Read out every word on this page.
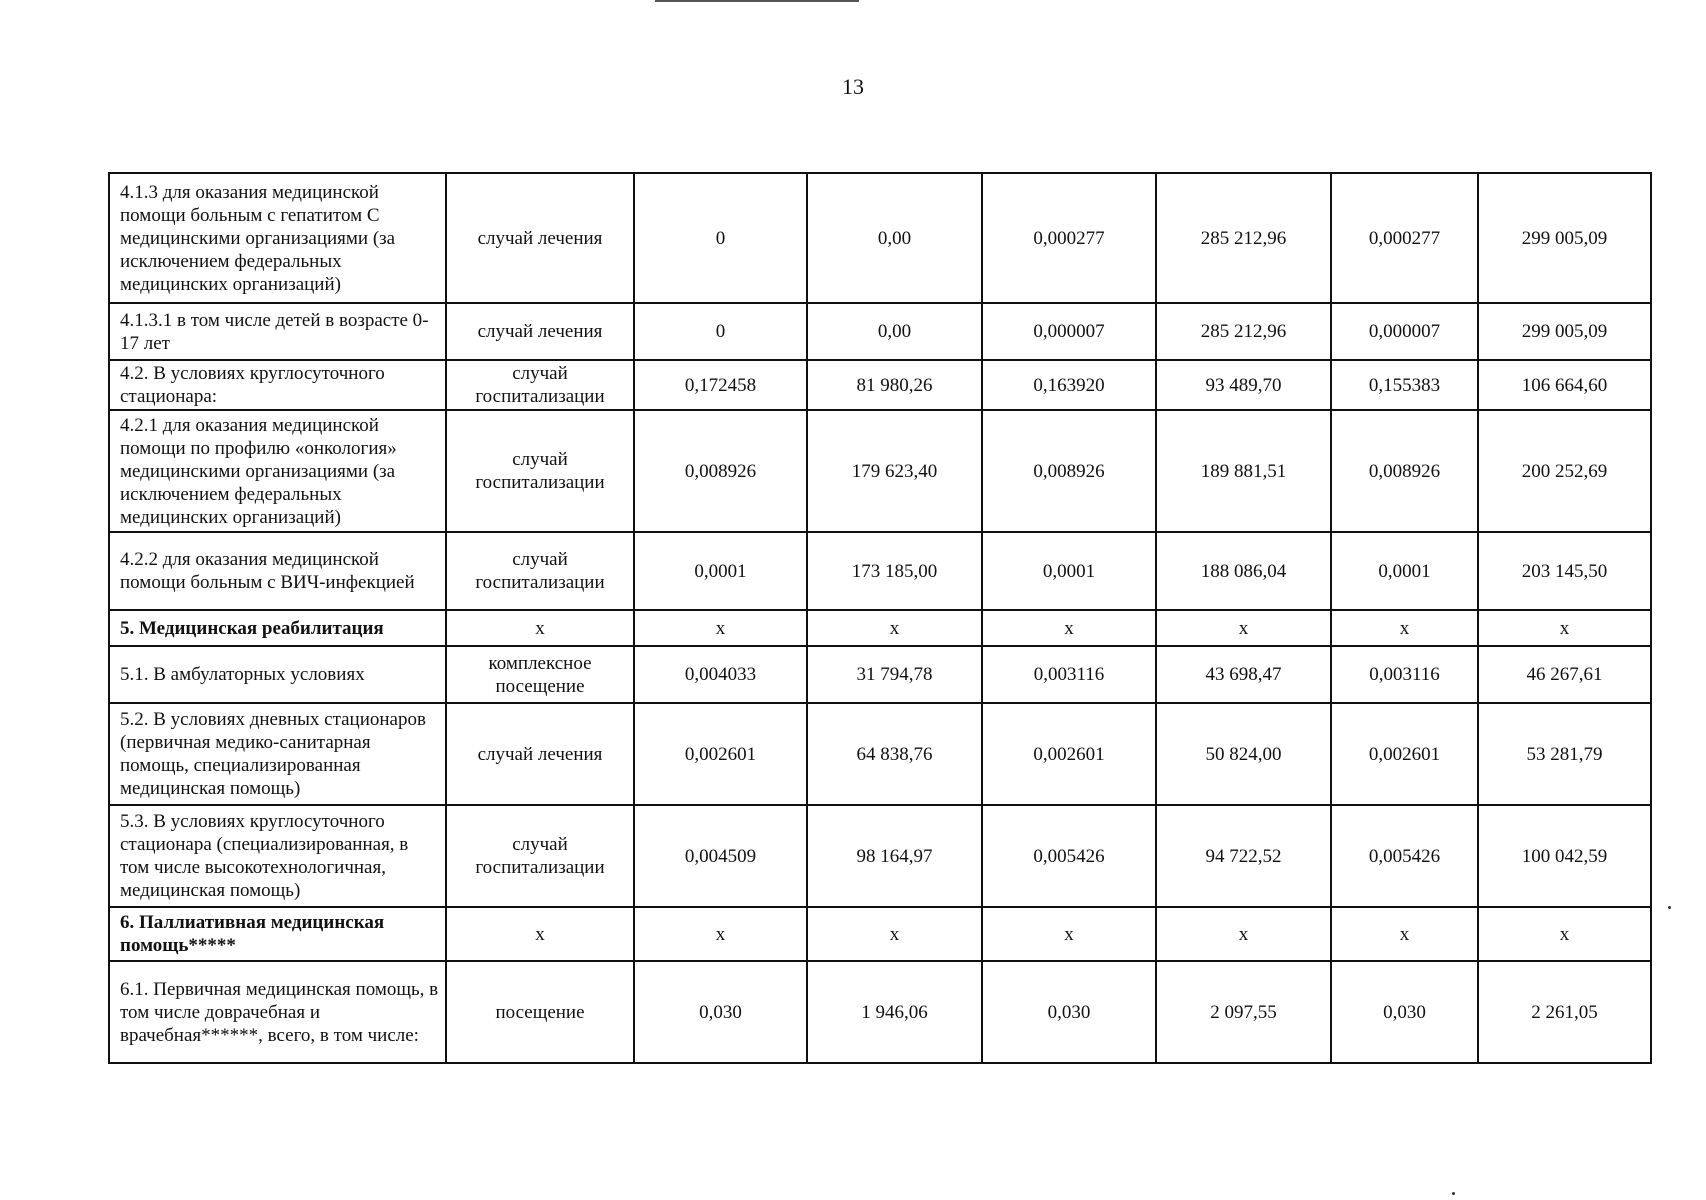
13
4.1.3 для оказания медицинской помощи больным с гепатитом С медицинскими организациями (за исключением федеральных медицинских организаций)	случай лечения	0	0,00	0,000277	285 212,96	0,000277	299 005,09
4.1.3.1 в том числе детей в возрасте 0-17 лет	случай лечения	0	0,00	0,000007	285 212,96	0,000007	299 005,09
4.2. В условиях круглосуточного стационара:	случай госпитализации	0,172458	81 980,26	0,163920	93 489,70	0,155383	106 664,60
4.2.1 для оказания медицинской помощи по профилю «онкология» медицинскими организациями (за исключением федеральных медицинских организаций)	случай госпитализации	0,008926	179 623,40	0,008926	189 881,51	0,008926	200 252,69
4.2.2 для оказания медицинской помощи больным с ВИЧ-инфекцией	случай госпитализации	0,0001	173 185,00	0,0001	188 086,04	0,0001	203 145,50
5. Медицинская реабилитация	x	x	x	x	x	x	x
5.1. В амбулаторных условиях	комплексное посещение	0,004033	31 794,78	0,003116	43 698,47	0,003116	46 267,61
5.2. В условиях дневных стационаров (первичная медико-санитарная помощь, специализированная медицинская помощь)	случай лечения	0,002601	64 838,76	0,002601	50 824,00	0,002601	53 281,79
5.3. В условиях круглосуточного стационара (специализированная, в том числе высокотехнологичная, медицинская помощь)	случай госпитализации	0,004509	98 164,97	0,005426	94 722,52	0,005426	100 042,59
6. Паллиативная медицинская помощь*****	x	x	x	x	x	x	x
6.1. Первичная медицинская помощь, в том числе доврачебная и врачебная******, всего, в том числе:	посещение	0,030	1 946,06	0,030	2 097,55	0,030	2 261,05
